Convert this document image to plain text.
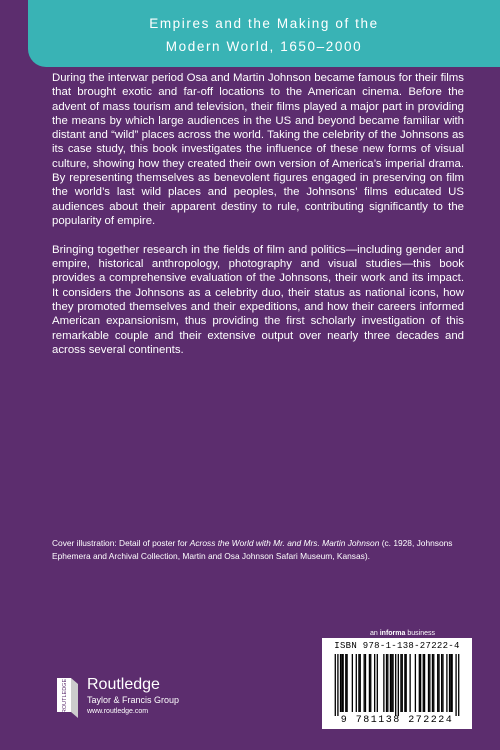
Empires and the Making of the
Modern World, 1650–2000

During the interwar period Osa and Martin Johnson became famous for their films that brought exotic and far-off locations to the American cinema. Before the advent of mass tourism and television, their films played a major part in providing the means by which large audiences in the US and beyond became familiar with distant and “wild” places across the world. Taking the celebrity of the Johnsons as its case study, this book investigates the influence of these new forms of visual culture, showing how they created their own version of America’s imperial drama. By representing themselves as benevolent figures engaged in preserving on film the world’s last wild places and peoples, the Johnsons’ films educated US audiences about their apparent destiny to rule, contributing significantly to the popularity of empire.

Bringing together research in the fields of film and politics—including gender and empire, historical anthropology, photography and visual studies—this book provides a comprehensive evaluation of the Johnsons, their work and its impact. It considers the Johnsons as a celebrity duo, their status as national icons, how they promoted themselves and their expeditions, and how their careers informed American expansionism, thus providing the first scholarly investigation of this remarkable couple and their extensive output over nearly three decades and across several continents.

Cover illustration: Detail of poster for Across the World with Mr. and Mrs. Martin Johnson (c. 1928, Johnsons Ephemera and Archival Collection, Martin and Osa Johnson Safari Museum, Kansas).
an informa business
ISBN 978-1-138-27222-4
9 781138 272224
ROUTLEDGE Routledge
Taylor & Francis Group
www.routledge.com
